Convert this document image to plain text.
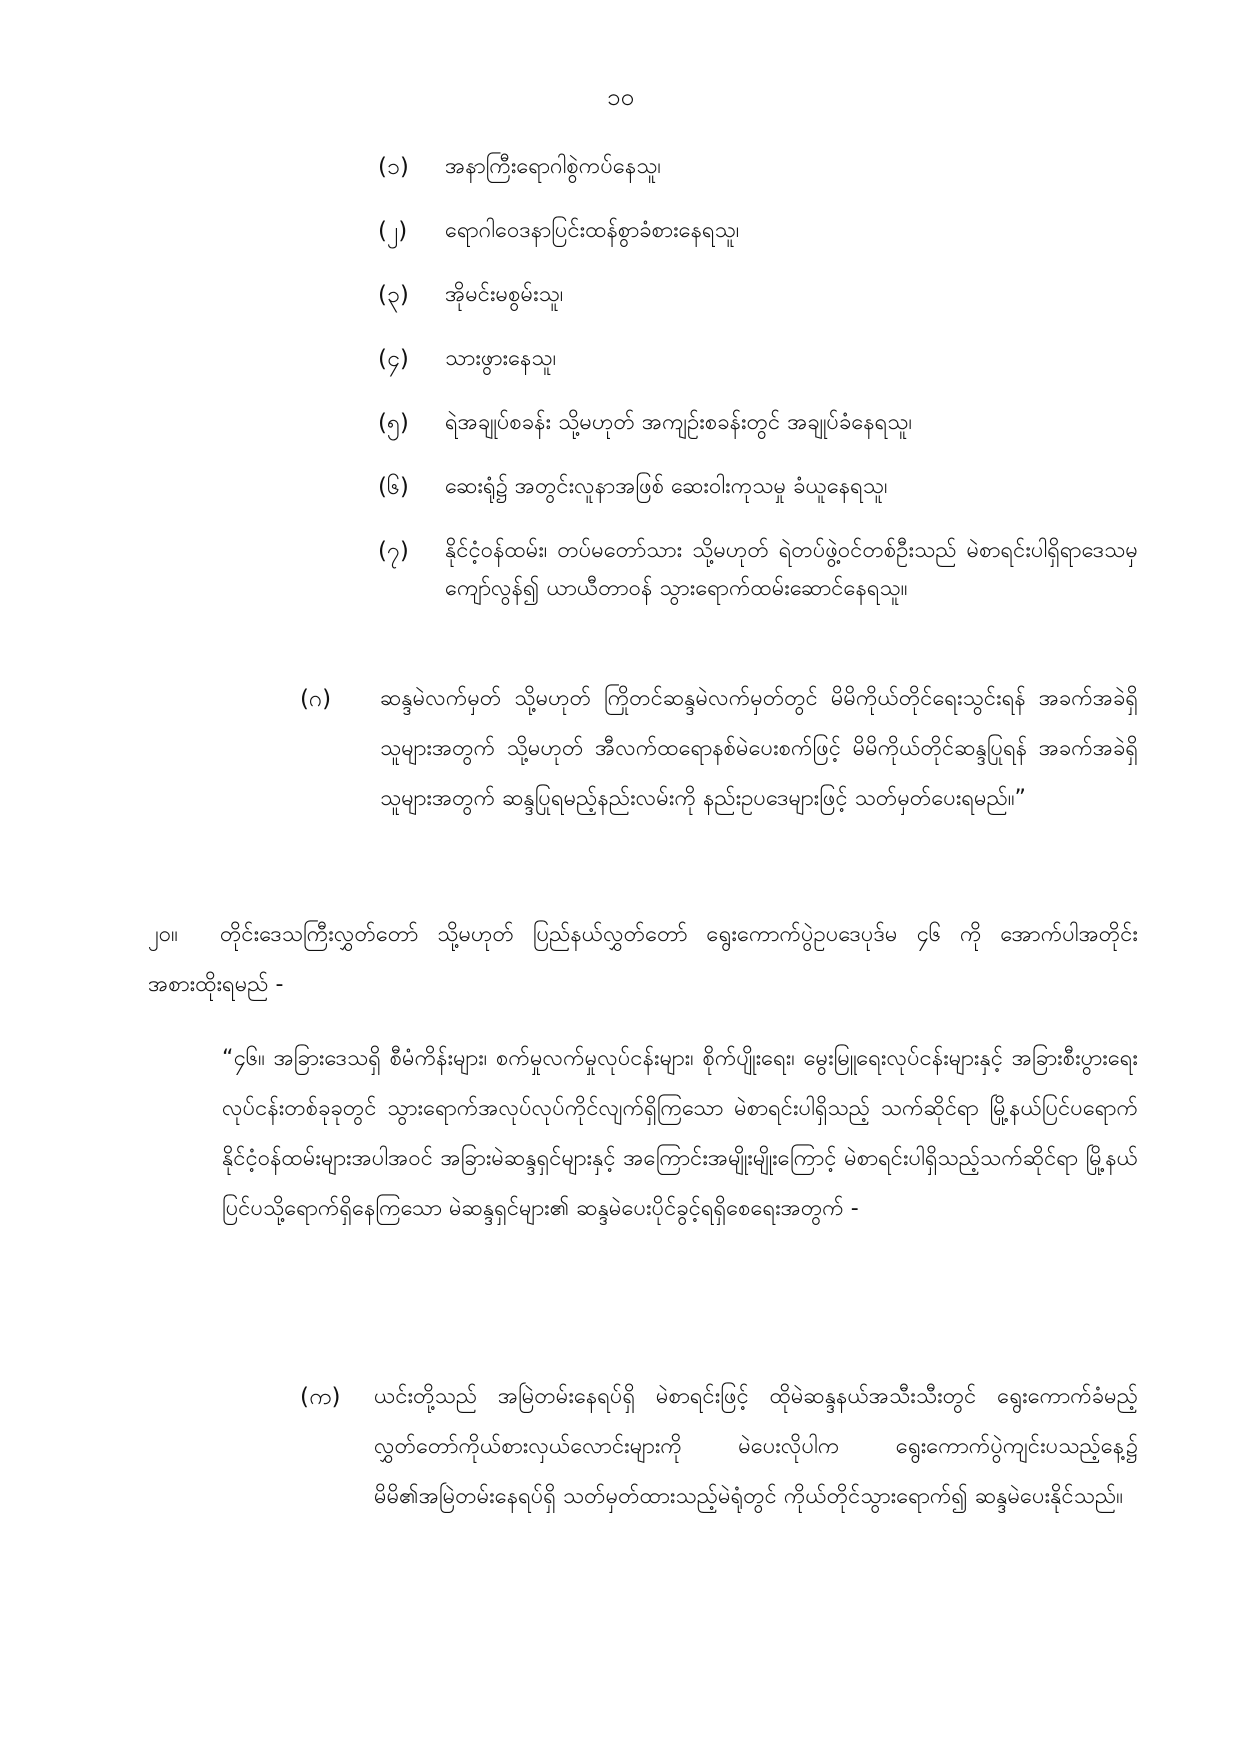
၁၀
(၁)	အနာကြီးရောဂါစွဲကပ်နေသူ၊
(၂)	ရောဂါဝေဒနာပြင်းထန်စွာခံစားနေရသူ၊
(၃)	အိုမင်းမစွမ်းသူ၊
(၄)	သားဖွားနေသူ၊
(၅)	ရဲအချုပ်စခန်း သို့မဟုတ် အကျဉ်းစခန်းတွင် အချုပ်ခံနေရသူ၊
(၆)	ဆေးရုံ၌ အတွင်းလူနာအဖြစ် ဆေးဝါးကုသမှု ခံယူနေရသူ၊
(၇)	နိုင်ငံ့ဝန်ထမ်း၊ တပ်မတော်သား သို့မဟုတ် ရဲတပ်ဖွဲ့ဝင်တစ်ဦးသည် မဲစာရင်းပါရှိရာဒေသမှ ကျော်လွန်၍ ယာယီတာဝန် သွားရောက်ထမ်းဆောင်နေရသူ။
(ဂ)	ဆန္ဒမဲလက်မှတ် သို့မဟုတ် ကြိုတင်ဆန္ဒမဲလက်မှတ်တွင် မိမိကိုယ်တိုင်ရေးသွင်းရန် အခက်အခဲရှိသူများအတွက် သို့မဟုတ် အီလက်ထရောနစ်မဲပေးစက်ဖြင့် မိမိကိုယ်တိုင်ဆန္ဒပြုရန် အခက်အခဲရှိသူများအတွက် ဆန္ဒပြုရမည့်နည်းလမ်းကို နည်းဥပဒေများဖြင့် သတ်မှတ်ပေးရမည်။”
၂၀။ တိုင်းဒေသကြီးလွှတ်တော် သို့မဟုတ် ပြည်နယ်လွှတ်တော် ရွေးကောက်ပွဲဥပဒေပုဒ်မ ၄၆ ကို အောက်ပါအတိုင်း အစားထိုးရမည် -
“၄၆။ အခြားဒေသရှိ စီမံကိန်းများ၊ စက်မှုလက်မှုလုပ်ငန်းများ၊ စိုက်ပျိုးရေး၊ မွေးမြူရေးလုပ်ငန်းများနှင့် အခြားစီးပွားရေးလုပ်ငန်းတစ်ခုခုတွင် သွားရောက်အလုပ်လုပ်ကိုင်လျက်ရှိကြသော မဲစာရင်းပါရှိသည့် သက်ဆိုင်ရာ မြို့နယ်ပြင်ပရောက် နိုင်ငံ့ဝန်ထမ်းများအပါအဝင် အခြားမဲဆန္ဒရှင်များနှင့် အကြောင်းအမျိုးမျိုးကြောင့် မဲစာရင်းပါရှိသည့်သက်ဆိုင်ရာ မြို့နယ်ပြင်ပသို့ရောက်ရှိနေကြသော မဲဆန္ဒရှင်များ၏ ဆန္ဒမဲပေးပိုင်ခွင့်ရရှိစေရေးအတွက် -
(က)	ယင်းတို့သည် အမြဲတမ်းနေရပ်ရှိ မဲစာရင်းဖြင့် ထိုမဲဆန္ဒနယ်အသီးသီးတွင် ရွေးကောက်ခံမည့် လွှတ်တော်ကိုယ်စားလှယ်လောင်းများကို မဲပေးလိုပါက ရွေးကောက်ပွဲကျင်းပသည့်နေ့၌ မိမိ၏အမြဲတမ်းနေရပ်ရှိ သတ်မှတ်ထားသည့်မဲရုံတွင် ကိုယ်တိုင်သွားရောက်၍ ဆန္ဒမဲပေးနိုင်သည်။
